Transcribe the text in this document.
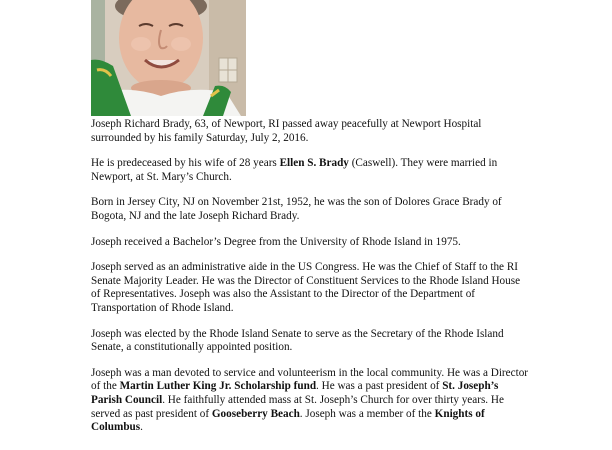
Joseph Richard Brady, 63, of Newport, RI passed away peacefully at Newport Hospital surrounded by his family Saturday, July 2, 2016.

He is predeceased by his wife of 28 years Ellen S. Brady (Caswell). They were married in Newport, at St. Mary’s Church.

Born in Jersey City, NJ on November 21st, 1952, he was the son of Dolores Grace Brady of Bogota, NJ and the late Joseph Richard Brady.

Joseph received a Bachelor’s Degree from the University of Rhode Island in 1975.

Joseph served as an administrative aide in the US Congress. He was the Chief of Staff to the RI Senate Majority Leader. He was the Director of Constituent Services to the Rhode Island House of Representatives. Joseph was also the Assistant to the Director of the Department of Transportation of Rhode Island.

Joseph was elected by the Rhode Island Senate to serve as the Secretary of the Rhode Island Senate, a constitutionally appointed position.

Joseph was a man devoted to service and volunteerism in the local community. He was a Director of the Martin Luther King Jr. Scholarship fund. He was a past president of St. Joseph’s Parish Council. He faithfully attended mass at St. Joseph’s Church for over thirty years. He served as past president of Gooseberry Beach. Joseph was a member of the Knights of Columbus.
